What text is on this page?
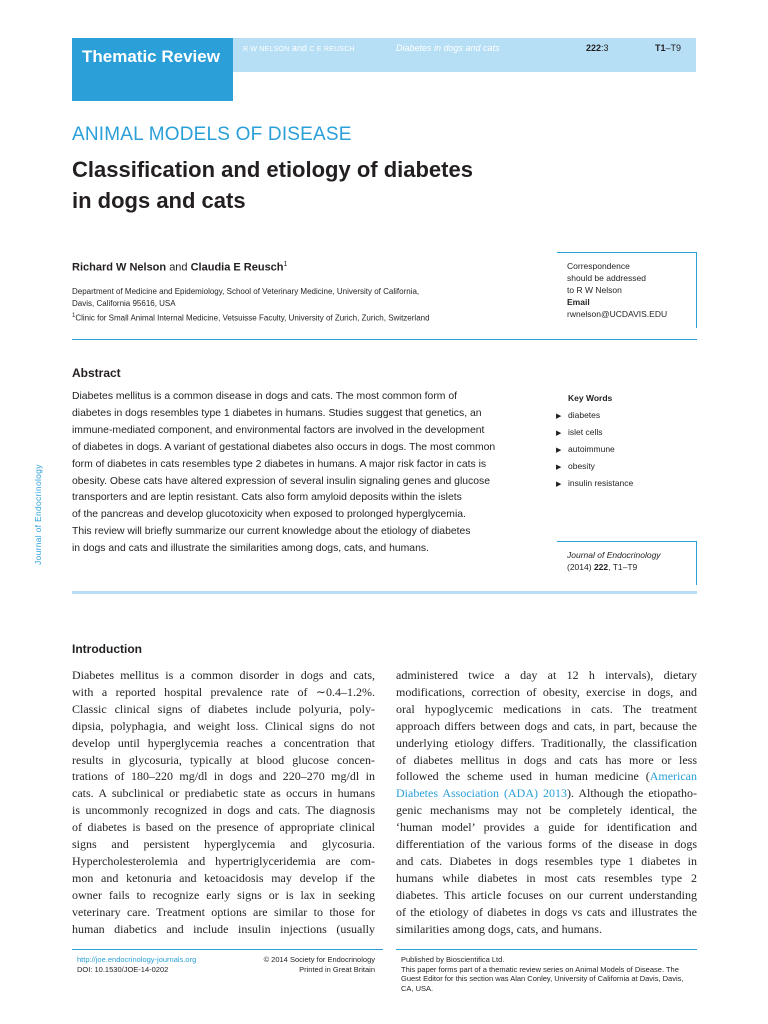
Thematic Review	R W NELSON and C E REUSCH	Diabetes in dogs and cats	222:3	T1–T9
ANIMAL MODELS OF DISEASE
Classification and etiology of diabetes in dogs and cats
Richard W Nelson and Claudia E Reusch$^1$
Department of Medicine and Epidemiology, School of Veterinary Medicine, University of California,
Davis, California 95616, USA
$^1$Clinic for Small Animal Internal Medicine, Vetsuisse Faculty, University of Zurich, Zurich, Switzerland
Correspondence
should be addressed
to R W Nelson
Email
rwnelson@UCDAVIS.EDU
Abstract
Diabetes mellitus is a common disease in dogs and cats. The most common form of
diabetes in dogs resembles type 1 diabetes in humans. Studies suggest that genetics, an
immune-mediated component, and environmental factors are involved in the development
of diabetes in dogs. A variant of gestational diabetes also occurs in dogs. The most common
form of diabetes in cats resembles type 2 diabetes in humans. A major risk factor in cats is
obesity. Obese cats have altered expression of several insulin signaling genes and glucose
transporters and are leptin resistant. Cats also form amyloid deposits within the islets
of the pancreas and develop glucotoxicity when exposed to prolonged hyperglycemia.
This review will briefly summarize our current knowledge about the etiology of diabetes
in dogs and cats and illustrate the similarities among dogs, cats, and humans.
Key Words
▶ diabetes
▶ islet cells
▶ autoimmune
▶ obesity
▶ insulin resistance
Journal of Endocrinology
(2014) 222, T1–T9
Journal of Endocrinology
Introduction
Diabetes mellitus is a common disorder in dogs and cats,
with a reported hospital prevalence rate of ∼0.4–1.2%.
Classic clinical signs of diabetes include polyuria, poly-
dipsia, polyphagia, and weight loss. Clinical signs do not
develop until hyperglycemia reaches a concentration that
results in glycosuria, typically at blood glucose concen-
trations of 180–220 mg/dl in dogs and 220–270 mg/dl in
cats. A subclinical or prediabetic state as occurs in humans
is uncommonly recognized in dogs and cats. The diagnosis
of diabetes is based on the presence of appropriate clinical
signs and persistent hyperglycemia and glycosuria.
Hypercholesterolemia and hypertriglyceridemia are com-
mon and ketonuria and ketoacidosis may develop if the
owner fails to recognize early signs or is lax in seeking
veterinary care. Treatment options are similar to those for
human diabetics and include insulin injections (usually
administered twice a day at 12 h intervals), dietary
modifications, correction of obesity, exercise in dogs, and
oral hypoglycemic medications in cats. The treatment
approach differs between dogs and cats, in part, because the
underlying etiology differs. Traditionally, the classification
of diabetes mellitus in dogs and cats has more or less
followed the scheme used in human medicine (American
Diabetes Association (ADA) 2013). Although the etiopatho-
genic mechanisms may not be completely identical, the
‘human model’ provides a guide for identification and
differentiation of the various forms of the disease in dogs
and cats. Diabetes in dogs resembles type 1 diabetes in
humans while diabetes in most cats resembles type 2
diabetes. This article focuses on our current understanding
of the etiology of diabetes in dogs vs cats and illustrates the
similarities among dogs, cats, and humans.
http://joe.endocrinology-journals.org
DOI: 10.1530/JOE-14-0202
© 2014 Society for Endocrinology
Printed in Great Britain
Published by Bioscientifica Ltd.
This paper forms part of a thematic review series on Animal Models of Disease. The
Guest Editor for this section was Alan Conley, University of California at Davis, Davis,
CA, USA.
